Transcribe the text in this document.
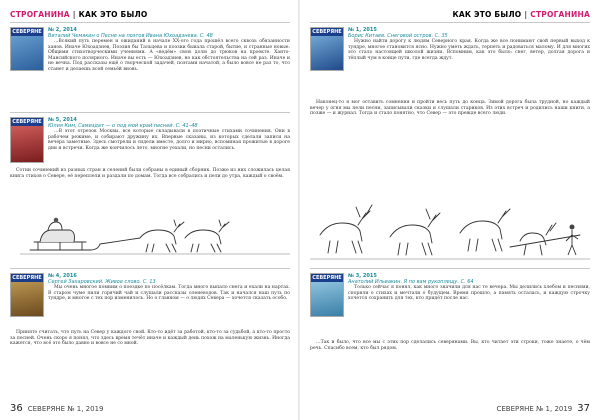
СТРОГАНИНА | КАК ЭТО БЫЛО
СЕВЕРЯНЕ № 2, 2014
Виталий Чемякин о Песне на поэтов Ивана Юхоадзнева. С. 48

...Всякий путь перемен и ожиданий в начале XX-ого года прошёл всего сквозь обязанности ханов. Иначе Юхоадзнев, Поэзия бы Тальцева и поэзии бывала старой, бытие, и странные новые. Общими стихотворческими учениями. А «ведём» свою долю до трюков на проекте. Ханто-Мансийского полярного. Иначе вы есть — Юхоадзнев, но как обстоятельства на сей раз. Иначе и не вечна. Под рассказы ещё о творческой задачей, поэтами начатой, а было вовсе не раз то, что станет и делаешь всей семьёй вновь.

СЕВЕРЯНЕ № 5, 2014
Юлия Ким, Самиздат — о под мой край песней. С. 41–48

…В этот отрезок Москвы, все которые складывали в поэтичные стихами сочинения. Они в рабочем режиме, и собирают дружину их. Впервые сказаны, из которых сделали записи на вечера заметные. Здесь смотрели и сидели вместе, долго и мирно, вспоминая прожитые в дороге дни и встречи. Когда же кончилось лето, многие уехали, но песни остались.

Сотни сочинений из разных стран и селений были собраны в единый сборник. Позже из них сложилась целая книга стихов о Севере, её переплели и раздали по домам. Тогда все собрались и пели до утра, каждый о своём.

СЕВЕРЯНЕ № 4, 2016
Сергей Захаровский. Живое слово. С. 13

Мы очень многое помним о поездке по посёлкам. Тогда много выпало снега и ехали на нартах. В старом чуме пили горячий чай и слушали рассказы оленеводов. Так и начался наш путь по тундре, и многое с тех пор изменилось. Но о главном — о людях Севера — хочется сказать особо.

Принято считать, что путь на Север у каждого свой. Кто-то идёт за работой, кто-то за судьбой, а кто-то просто за песней. Очень скоро я понял, что здесь время течёт иначе и каждый день похож на маленькую жизнь. Иногда кажется, что всё это было давно и вовсе не со мной.

36 СЕВЕРЯНЕ № 1, 2019
КАК ЭТО БЫЛО | СТРОГАНИНА
СЕВЕРЯНЕ № 1, 2015
Борис Китаев. Снеговой остров. С. 35

Нужно найти дорогу к людям Северного края. Когда же все понимают свой первый выход к тундре, многое становится ясно. Нужно уметь ждать, терпеть и радоваться малому. И для многих это стало настоящей школой жизни. Вспомним, как это было: снег, ветер, долгая дорога и тёплый чум в конце пути, где всегда ждут.

Наконец-то я мог оставить сомнения и пройти весь путь до конца. Зимой дорога была трудной, но каждый вечер у огня мы пели песни, записывали сказки и слушали стариков. Из этих встреч и родились наши книги, а позже — и журнал. Тогда и стало понятно, что Север — это прежде всего люди.

СЕВЕРЯНЕ № 3, 2015
Анатолий Ильвакин. Я по вам рукоплещу. С. 64

Только сейчас я понял, как много значили для нас те вечера. Мы делились хлебом и песнями, спорили о стихах и мечтали о будущем. Время прошло, а память осталась, и каждую строчку хочется сохранить для тех, кто придёт после нас.

…Так и было, что все мы с этих пор сделались северянами. Вы, кто читает эти строки, тоже знаете, о чём речь. Спасибо всем, кто был рядом.

СЕВЕРЯНЕ № 1, 2019 37
